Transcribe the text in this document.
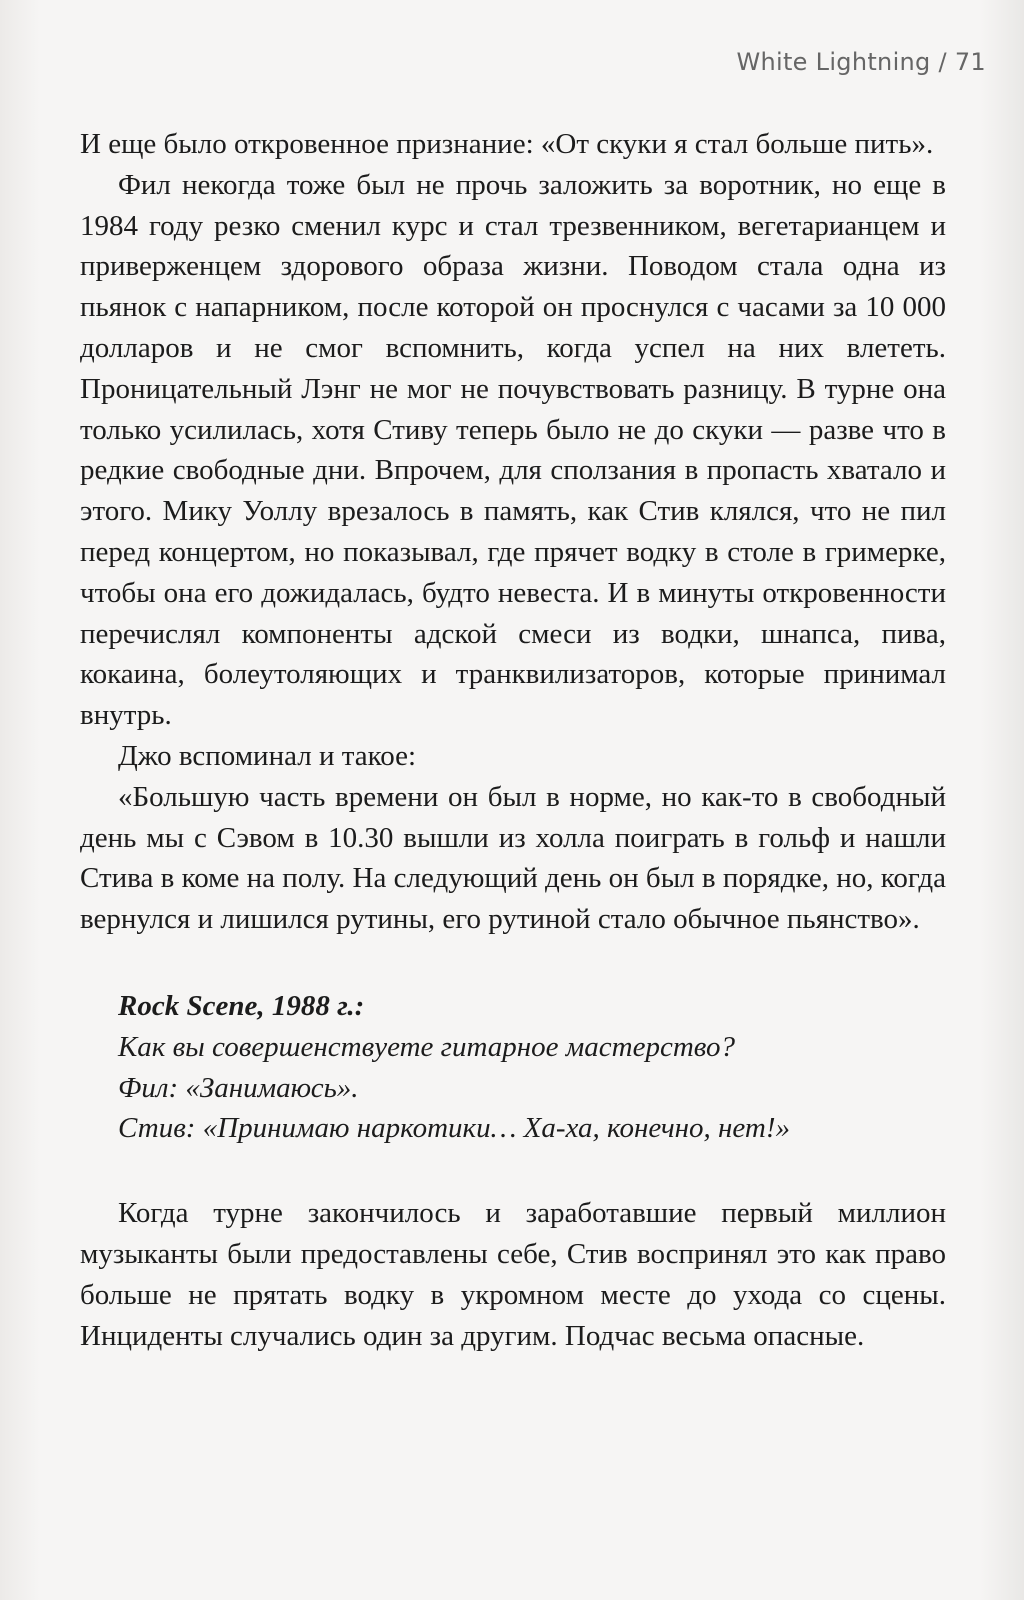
White Lightning / 71

И еще было откровенное признание: «От скуки я стал больше пить».

Фил некогда тоже был не прочь заложить за воротник, но еще в 1984 году резко сменил курс и стал трезвенником, вегетарианцем и приверженцем здорового образа жизни. Поводом стала одна из пьянок с напарником, после которой он проснулся с часами за 10 000 долларов и не смог вспомнить, когда успел на них влететь. Проницательный Лэнг не мог не почувствовать разницу. В турне она только усилилась, хотя Стиву теперь было не до скуки — разве что в редкие свободные дни. Впрочем, для сползания в пропасть хватало и этого. Мику Уоллу врезалось в память, как Стив клялся, что не пил перед концертом, но показывал, где прячет водку в столе в гримерке, чтобы она его дожидалась, будто невеста. И в минуты откровенности перечислял компоненты адской смеси из водки, шнапса, пива, кокаина, болеутоляющих и транквилизаторов, которые принимал внутрь.

Джо вспоминал и такое:

«Большую часть времени он был в норме, но как-то в свободный день мы с Сэвом в 10.30 вышли из холла поиграть в гольф и нашли Стива в коме на полу. На следующий день он был в порядке, но, когда вернулся и лишился рутины, его рутиной стало обычное пьянство».

Rock Scene, 1988 г.:

Как вы совершенствуете гитарное мастерство?

Фил: «Занимаюсь».

Стив: «Принимаю наркотики… Ха-ха, конечно, нет!»

Когда турне закончилось и заработавшие первый миллион музыканты были предоставлены себе, Стив воспринял это как право больше не прятать водку в укромном месте до ухода со сцены. Инциденты случались один за другим. Подчас весьма опасные.
